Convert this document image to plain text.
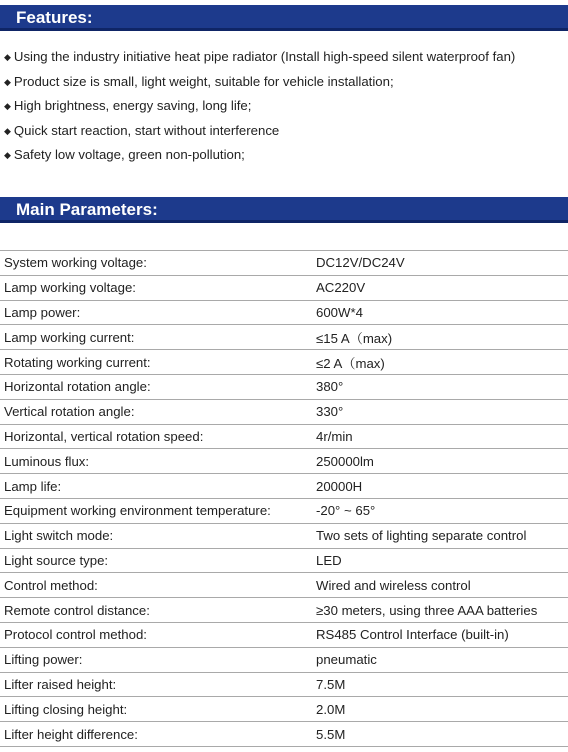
Features:
◆ Using the industry initiative heat pipe radiator (Install high-speed silent waterproof fan)
◆ Product size is small, light weight, suitable for vehicle installation;
◆ High brightness, energy saving, long life;
◆ Quick start reaction, start without interference
◆ Safety low voltage, green non-pollution;
Main Parameters:
System working voltage:	DC12V/DC24V
Lamp working voltage:	AC220V
Lamp power:	600W*4
Lamp working current:	≤15 A（max)
Rotating working current:	≤2 A（max)
Horizontal rotation angle:	380°
Vertical rotation angle:	330°
Horizontal, vertical rotation speed:	4r/min
Luminous flux:	250000lm
Lamp life:	20000H
Equipment working environment temperature:	-20° ~ 65°
Light switch mode:	Two sets of lighting separate control
Light source type:	LED
Control method:	Wired and wireless control
Remote control distance:	≥30 meters, using three AAA batteries
Protocol control method:	RS485 Control Interface (built-in)
Lifting power:	pneumatic
Lifter raised height:	7.5M
Lifting closing height:	2.0M
Lifter height difference:	5.5M
